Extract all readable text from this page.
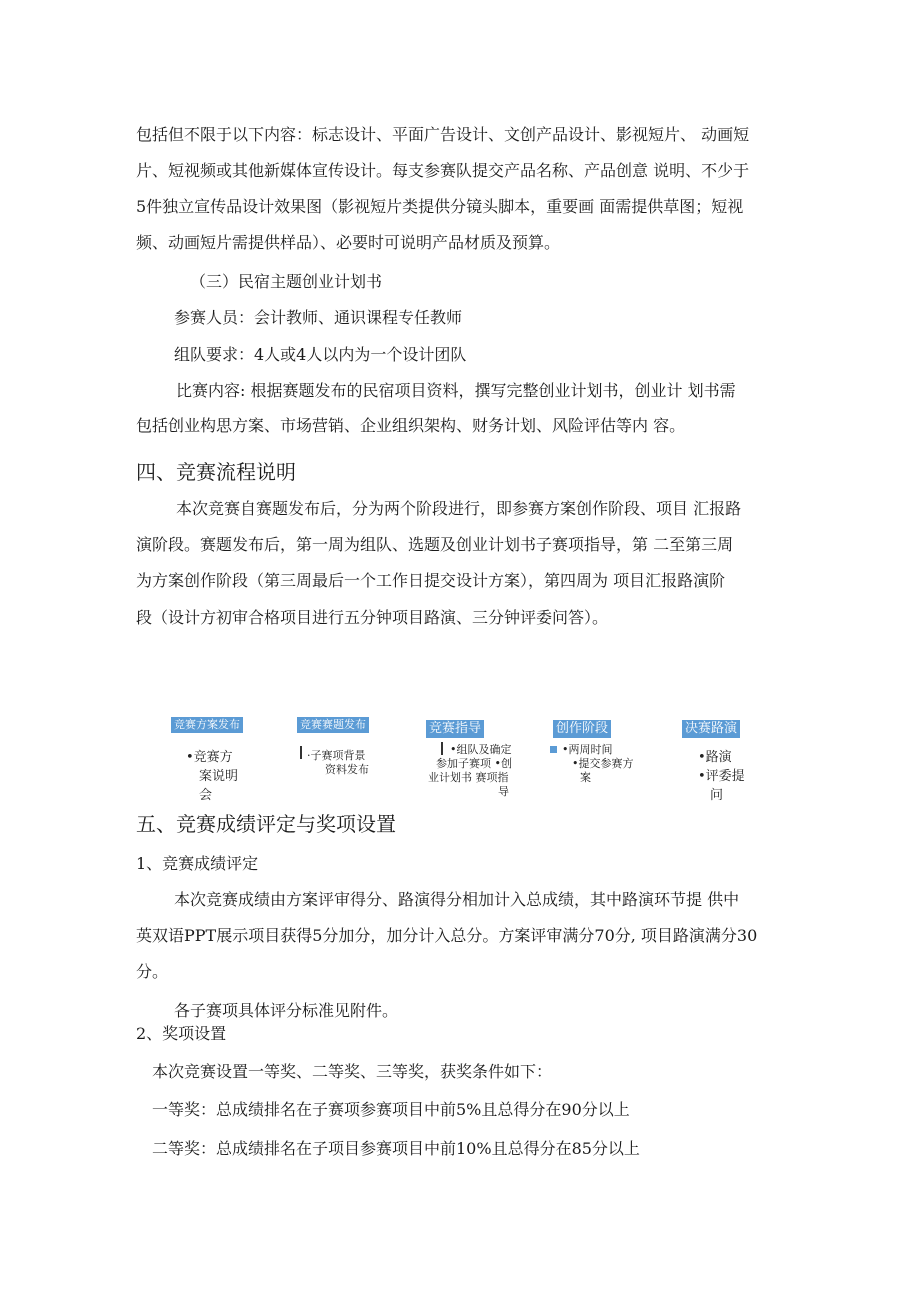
包括但不限于以下内容：标志设计、平面广告设计、文创产品设计、影视短片、 动画短
片、短视频或其他新媒体宣传设计。每支参赛队提交产品名称、产品创意 说明、不少于
5件独立宣传品设计效果图（影视短片类提供分镜头脚本，重要画 面需提供草图；短视
频、动画短片需提供样品）、必要时可说明产品材质及预算。
（三）民宿主题创业计划书
参赛人员：会计教师、通识课程专任教师
组队要求：4人或4人以内为一个设计团队
比赛内容: 根据赛题发布的民宿项目资料，撰写完整创业计划书，创业计 划书需
包括创业构思方案、市场营销、企业组织架构、财务计划、风险评估等内 容。
四、竞赛流程说明
本次竞赛自赛题发布后，分为两个阶段进行，即参赛方案创作阶段、项目 汇报路
演阶段。赛题发布后，第一周为组队、选题及创业计划书子赛项指导，第 二至第三周
为方案创作阶段（第三周最后一个工作日提交设计方案），第四周为 项目汇报路演阶
段（设计方初审合格项目进行五分钟项目路演、三分钟评委问答）。
竞赛方案发布
•竞赛方
案说明
会
竞赛赛题发布
·子赛项背景
资料发布
竞赛指导
•组队及确定
参加子赛项 •创
业计划书 赛项指
导
创作阶段
•两周时间
•提交参赛方
案
决赛路演
•路演
•评委提
问
五、竞赛成绩评定与奖项设置
1、竞赛成绩评定
本次竞赛成绩由方案评审得分、路演得分相加计入总成绩，其中路演环节提 供中
英双语PPT展示项目获得5分加分，加分计入总分。方案评审满分70分, 项目路演满分30
分。
各子赛项具体评分标准见附件。
2、奖项设置
本次竞赛设置一等奖、二等奖、三等奖，获奖条件如下：
一等奖：总成绩排名在子赛项参赛项目中前5%且总得分在90分以上
二等奖：总成绩排名在子项目参赛项目中前10%且总得分在85分以上
